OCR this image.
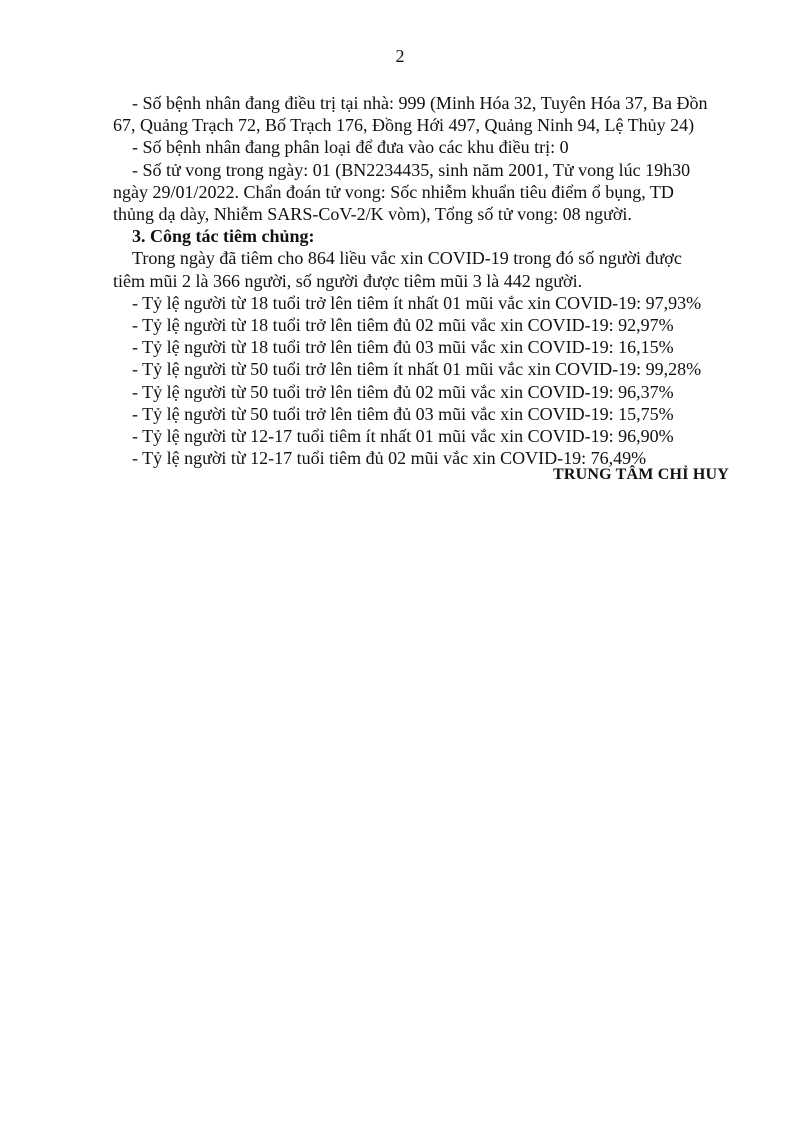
2
- Số bệnh nhân đang điều trị tại nhà: 999 (Minh Hóa 32, Tuyên Hóa 37, Ba Đồn
67, Quảng Trạch 72, Bố Trạch 176, Đồng Hới 497, Quảng Ninh 94, Lệ Thủy 24)
- Số bệnh nhân đang phân loại để đưa vào các khu điều trị: 0
- Số tử vong trong ngày: 01 (BN2234435, sinh năm 2001, Tử vong lúc 19h30
ngày 29/01/2022. Chẩn đoán tử vong: Sốc nhiễm khuẩn tiêu điểm ổ bụng, TD
thủng dạ dày, Nhiễm SARS-CoV-2/K vòm), Tổng số tử vong: 08 người.
3. Công tác tiêm chủng:
Trong ngày đã tiêm cho 864 liều vắc xin COVID-19 trong đó số người được
tiêm mũi 2 là 366 người, số người được tiêm mũi 3 là 442 người.
- Tỷ lệ người từ 18 tuổi trở lên tiêm ít nhất 01 mũi vắc xin COVID-19: 97,93%
- Tỷ lệ người từ 18 tuổi trở lên tiêm đủ 02 mũi vắc xin COVID-19: 92,97%
- Tỷ lệ người từ 18 tuổi trở lên tiêm đủ 03 mũi vắc xin COVID-19: 16,15%
- Tỷ lệ người từ 50 tuổi trở lên tiêm ít nhất 01 mũi vắc xin COVID-19: 99,28%
- Tỷ lệ người từ 50 tuổi trở lên tiêm đủ 02 mũi vắc xin COVID-19: 96,37%
- Tỷ lệ người từ 50 tuổi trở lên tiêm đủ 03 mũi vắc xin COVID-19: 15,75%
- Tỷ lệ người từ 12-17 tuổi tiêm ít nhất 01 mũi vắc xin COVID-19: 96,90%
- Tỷ lệ người từ 12-17 tuổi tiêm đủ 02 mũi vắc xin COVID-19: 76,49%
TRUNG TÂM CHỈ HUY
